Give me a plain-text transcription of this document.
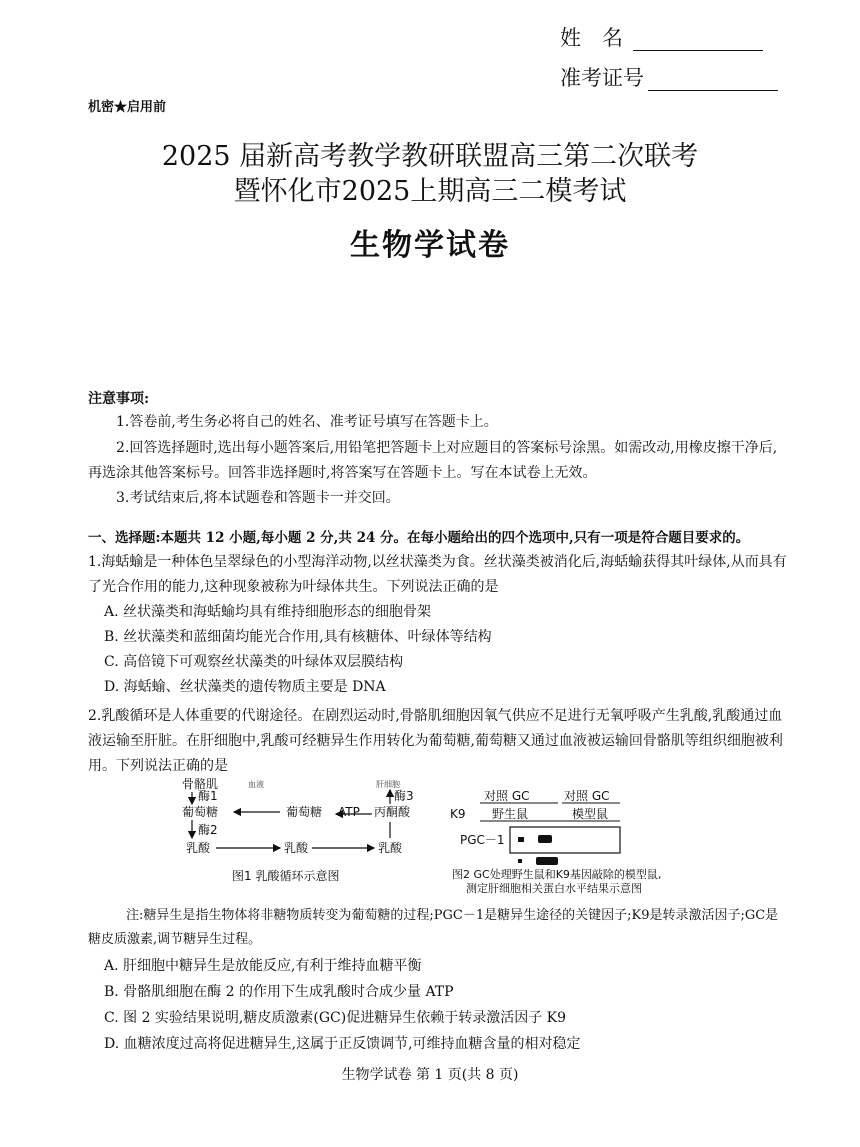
姓　名
准考证号
机密★启用前
2025 届新高考教学教研联盟高三第二次联考
暨怀化市2025上期高三二模考试
生物学试卷
注意事项:
1.答卷前,考生务必将自己的姓名、准考证号填写在答题卡上。
2.回答选择题时,选出每小题答案后,用铅笔把答题卡上对应题目的答案标号涂黑。如需改动,用橡皮擦干净后,再选涂其他答案标号。回答非选择题时,将答案写在答题卡上。写在本试卷上无效。
3.考试结束后,将本试题卷和答题卡一并交回。
一、选择题:本题共 12 小题,每小题 2 分,共 24 分。在每小题给出的四个选项中,只有一项是符合题目要求的。
1.海蛞蝓是一种体色呈翠绿色的小型海洋动物,以丝状藻类为食。丝状藻类被消化后,海蛞蝓获得其叶绿体,从而具有了光合作用的能力,这种现象被称为叶绿体共生。下列说法正确的是
A. 丝状藻类和海蛞蝓均具有维持细胞形态的细胞骨架
B. 丝状藻类和蓝细菌均能光合作用,具有核糖体、叶绿体等结构
C. 高倍镜下可观察丝状藻类的叶绿体双层膜结构
D. 海蛞蝓、丝状藻类的遗传物质主要是 DNA
2.乳酸循环是人体重要的代谢途径。在剧烈运动时,骨骼肌细胞因氧气供应不足进行无氧呼吸产生乳酸,乳酸通过血液运输至肝脏。在肝细胞中,乳酸可经糖异生作用转化为葡萄糖,葡萄糖又通过血液被运输回骨骼肌等组织细胞被利用。下列说法正确的是
骨骼肌	血液	肝细胞
酶1	酶3
葡萄糖	葡萄糖 ATP 丙酮酸
酶2
乳酸	乳酸	乳酸
图1 乳酸循环示意图
对照 GC	对照 GC
K9 野生鼠	模型鼠
PGC－1
图2 GC处理野生鼠和K9基因敲除的模型鼠,
测定肝细胞相关蛋白水平结果示意图
注:糖异生是指生物体将非糖物质转变为葡萄糖的过程;PGC－1是糖异生途径的关键因子;K9是转录激活因子;GC是糖皮质激素,调节糖异生过程。
A. 肝细胞中糖异生是放能反应,有利于维持血糖平衡
B. 骨骼肌细胞在酶 2 的作用下生成乳酸时合成少量 ATP
C. 图 2 实验结果说明,糖皮质激素(GC)促进糖异生依赖于转录激活因子 K9
D. 血糖浓度过高将促进糖异生,这属于正反馈调节,可维持血糖含量的相对稳定
生物学试卷 第 1 页(共 8 页)
